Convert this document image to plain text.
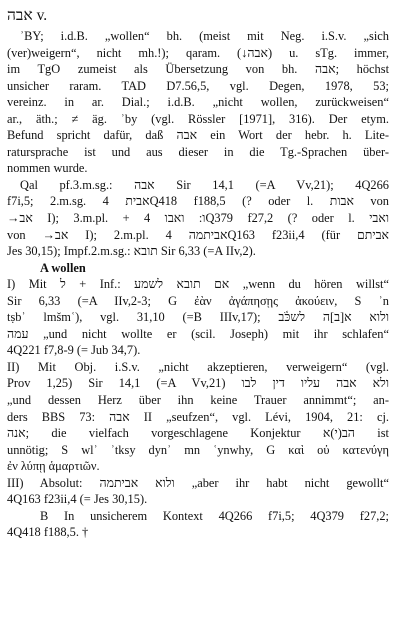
אבה v.
ʾBY; i.d.B. „wollen“ bh. (meist mit Neg. i.S.v. „sich
(ver)weigern“, nicht mh.!); qaram. (↓אבה) u. sTg. immer,
im TgO zumeist als Übersetzung von bh. אבה; höchst
unsicher raram. TAD D7.56,5, vgl. Degen, 1978, 53;
vereinz. in ar. Dial.; i.d.B. „nicht wollen, zurückweisen“
ar., äth.; ≠ äg. ʾby (vgl. Rössler [1971], 316). Der etym.
Befund spricht dafür, daß אבה ein Wort der hebr. h. Lite-
ratursprache ist und aus dieser in die Tg.-Sprachen über-
nommen wurde.
Qal pf.3.m.sg.: אבה Sir 14,1 (=A Vv,21); 4Q266
f7i,5; 2.m.sg. אבית 4Q418 f188,5 (? oder l. אבות von
→אב I); 3.m.pl. + ו: ואבו 4Q379 f27,2 (? oder l. ואבי
von →אב I); 2.m.pl. אביתמה 4Q163 f23ii,4 (für אביתם
Jes 30,15); Impf.2.m.sg.: תובא Sir 6,33 (=A IIv,2).
A wollen
I) Mit ל + Inf.: אם תובא לשמע „wenn du hören willst“
Sir 6,33 (=A IIv,2-3; G ἐὰν ἀγάπησῃς ἀκούειν, S ʾn
tṣbʾ lmšmʿ), vgl. 31,10 (=B IIIv,17); ולוא א[ב]ה לשכֹּ֫ב
עמה „und nicht wollte er (scil. Joseph) mit ihr schlafen“
4Q221 f7,8-9 (= Jub 34,7).
II) Mit Obj. i.S.v. „nicht akzeptieren, verweigern“ (vgl.
Prov 1,25) Sir 14,1 (=A Vv,21) ולא אבה עליו דין לבו
„und dessen Herz über ihn keine Trauer annimmt“; an-
ders BBS 73: אבה II „seufzen“, vgl. Lévi, 1904, 21: cj.
אנה; die vielfach vorgeschlagene Konjektur הב(י)א ist
unnötig; S wlʾ ʾtksy dynʾ mn ʿynwhy, G καὶ οὐ κατενύγη
ἐν λύπῃ ἁμαρτιῶν.
III) Absolut: ולוא אביתמה „aber ihr habt nicht gewollt“
4Q163 f23ii,4 (= Jes 30,15).
B In unsicherem Kontext 4Q266 f7i,5; 4Q379 f27,2;
4Q418 f188,5. †
